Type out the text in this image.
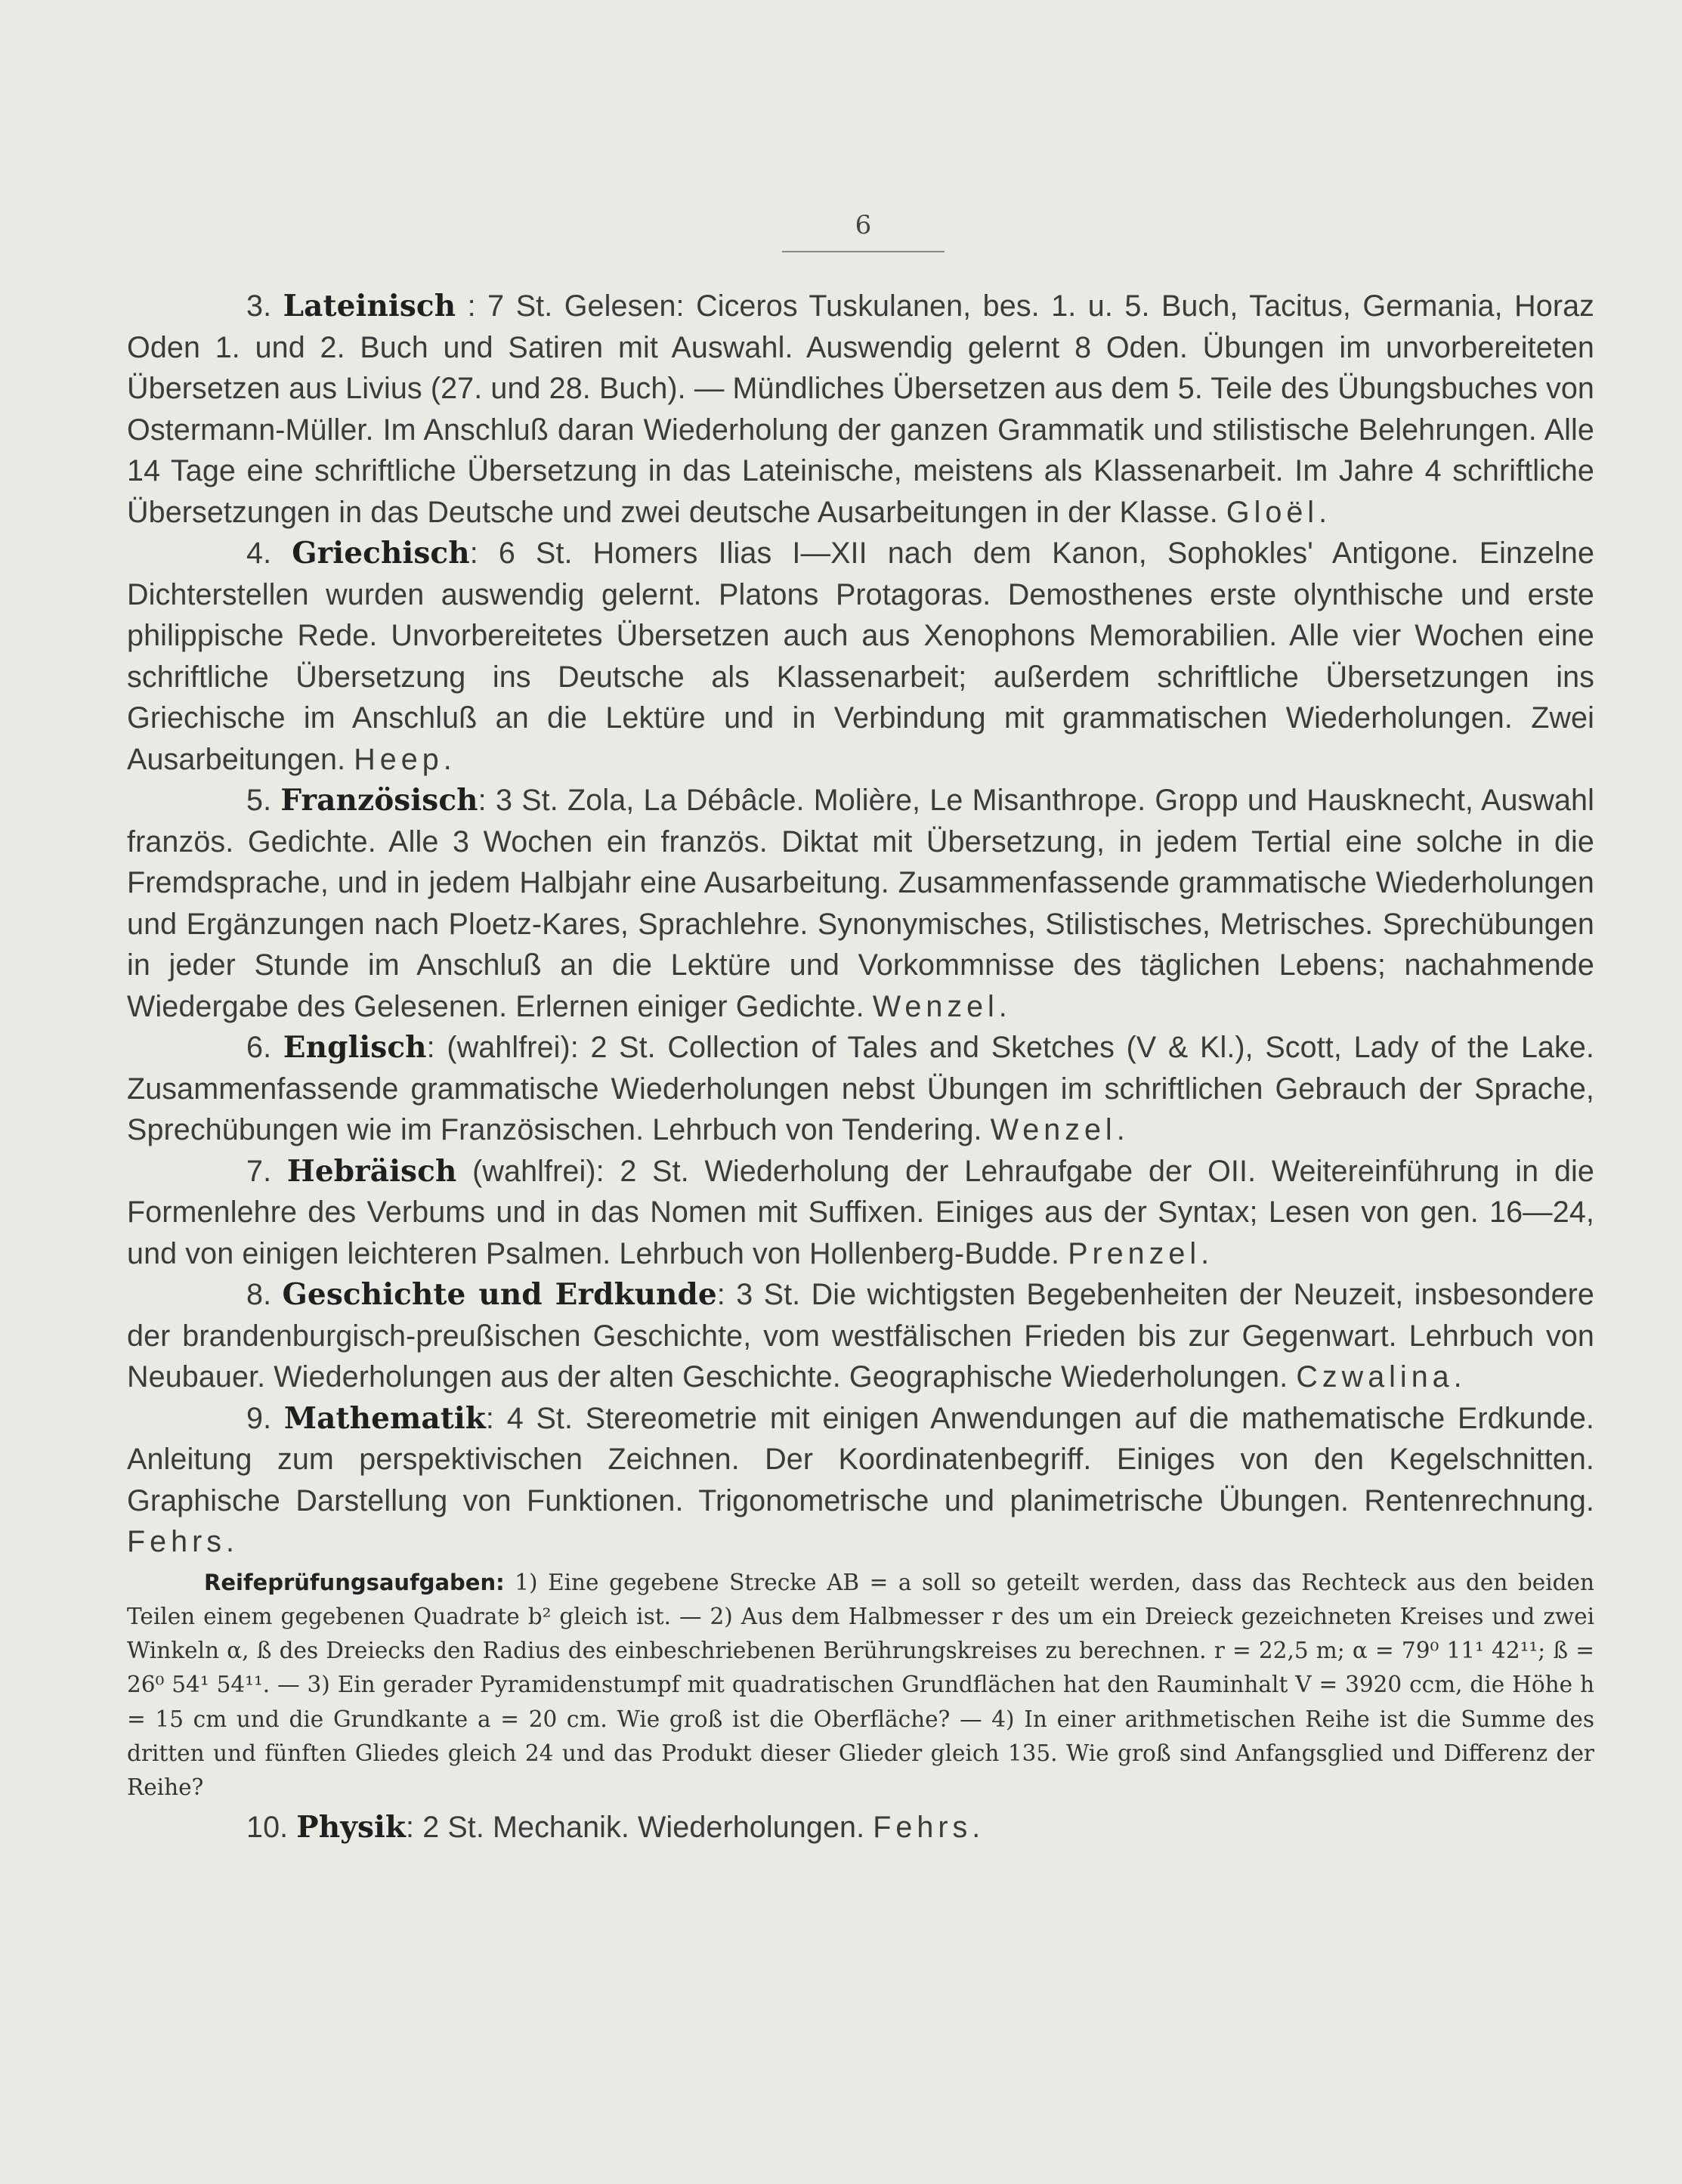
6

3. Lateinisch : 7 St. Gelesen: Ciceros Tuskulanen, bes. 1. u. 5. Buch, Tacitus, Germania, Horaz Oden 1. und 2. Buch und Satiren mit Auswahl. Auswendig gelernt 8 Oden. Übungen im unvorbereiteten Übersetzen aus Livius (27. und 28. Buch). — Mündliches Übersetzen aus dem 5. Teile des Übungsbuches von Ostermann-Müller. Im Anschluß daran Wiederholung der ganzen Grammatik und stilistische Belehrungen. Alle 14 Tage eine schriftliche Übersetzung in das Lateinische, meistens als Klassenarbeit. Im Jahre 4 schriftliche Übersetzungen in das Deutsche und zwei deutsche Ausarbeitungen in der Klasse. Gloël.

4. Griechisch: 6 St. Homers Ilias I—XII nach dem Kanon, Sophokles' Antigone. Einzelne Dichterstellen wurden auswendig gelernt. Platons Protagoras. Demosthenes erste olynthische und erste philippische Rede. Unvorbereitetes Übersetzen auch aus Xenophons Memorabilien. Alle vier Wochen eine schriftliche Übersetzung ins Deutsche als Klassenarbeit; außerdem schriftliche Übersetzungen ins Griechische im Anschluß an die Lektüre und in Verbindung mit grammatischen Wiederholungen. Zwei Ausarbeitungen. Heep.

5. Französisch: 3 St. Zola, La Débâcle. Molière, Le Misanthrope. Gropp und Hausknecht, Auswahl französ. Gedichte. Alle 3 Wochen ein französ. Diktat mit Übersetzung, in jedem Tertial eine solche in die Fremdsprache, und in jedem Halbjahr eine Ausarbeitung. Zusammenfassende grammatische Wiederholungen und Ergänzungen nach Ploetz-Kares, Sprachlehre. Synonymisches, Stilistisches, Metrisches. Sprechübungen in jeder Stunde im Anschluß an die Lektüre und Vorkommnisse des täglichen Lebens; nachahmende Wiedergabe des Gelesenen. Erlernen einiger Gedichte. Wenzel.

6. Englisch: (wahlfrei): 2 St. Collection of Tales and Sketches (V & Kl.), Scott, Lady of the Lake. Zusammenfassende grammatische Wiederholungen nebst Übungen im schriftlichen Gebrauch der Sprache, Sprechübungen wie im Französischen. Lehrbuch von Tendering. Wenzel.

7. Hebräisch (wahlfrei): 2 St. Wiederholung der Lehraufgabe der OII. Weitereinführung in die Formenlehre des Verbums und in das Nomen mit Suffixen. Einiges aus der Syntax; Lesen von gen. 16—24, und von einigen leichteren Psalmen. Lehrbuch von Hollenberg-Budde. Prenzel.

8. Geschichte und Erdkunde: 3 St. Die wichtigsten Begebenheiten der Neuzeit, insbesondere der brandenburgisch-preußischen Geschichte, vom westfälischen Frieden bis zur Gegenwart. Lehrbuch von Neubauer. Wiederholungen aus der alten Geschichte. Geographische Wiederholungen. Czwalina.

9. Mathematik: 4 St. Stereometrie mit einigen Anwendungen auf die mathematische Erdkunde. Anleitung zum perspektivischen Zeichnen. Der Koordinatenbegriff. Einiges von den Kegelschnitten. Graphische Darstellung von Funktionen. Trigonometrische und planimetrische Übungen. Rentenrechnung. Fehrs.

Reifeprüfungsaufgaben: 1) Eine gegebene Strecke AB = a soll so geteilt werden, dass das Rechteck aus den beiden Teilen einem gegebenen Quadrate b² gleich ist. — 2) Aus dem Halbmesser r des um ein Dreieck gezeichneten Kreises und zwei Winkeln α, ß des Dreiecks den Radius des einbeschriebenen Berührungskreises zu berechnen. r = 22,5 m; α = 79⁰ 11¹ 42¹¹; ß = 26⁰ 54¹ 54¹¹. — 3) Ein gerader Pyramidenstumpf mit quadratischen Grundflächen hat den Rauminhalt V = 3920 ccm, die Höhe h = 15 cm und die Grundkante a = 20 cm. Wie groß ist die Oberfläche? — 4) In einer arithmetischen Reihe ist die Summe des dritten und fünften Gliedes gleich 24 und das Produkt dieser Glieder gleich 135. Wie groß sind Anfangsglied und Differenz der Reihe?

10. Physik: 2 St. Mechanik. Wiederholungen. Fehrs.
